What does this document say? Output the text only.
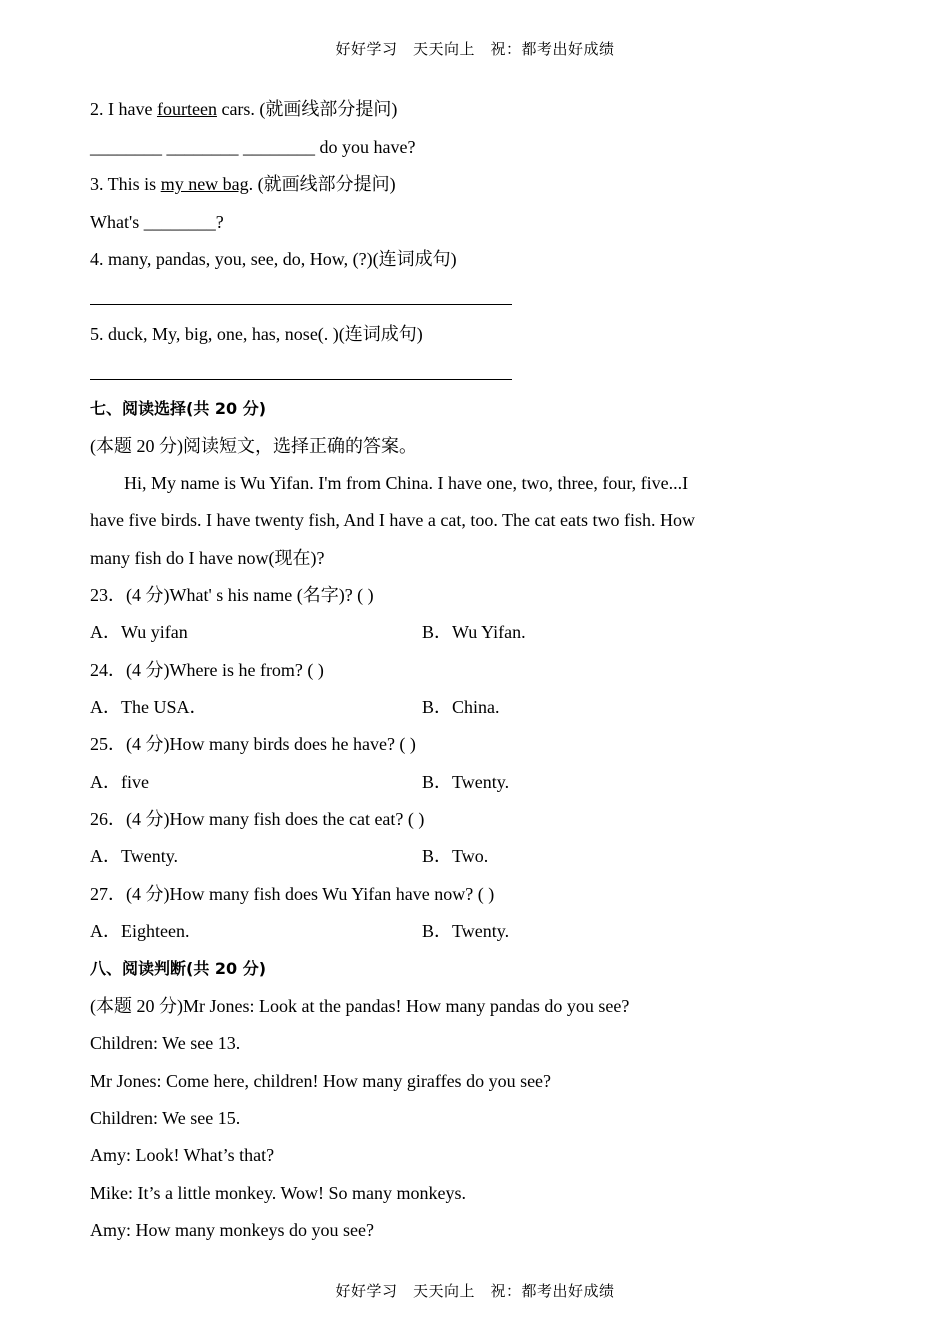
好好学习　天天向上　祝：都考出好成绩
2. I have fourteen cars. (就画线部分提问)
________ ________ ________ do you have?
3. This is my new bag. (就画线部分提问)
What's ________?
4. many, pandas, you, see, do, How, (?)(连词成句)
5. duck, My, big, one, has, nose(. )(连词成句)
七、阅读选择(共 20 分)
(本题 20 分)阅读短文，选择正确的答案。
Hi, My name is Wu Yifan. I'm from China. I have one, two, three, four, five...I
have five birds. I have twenty fish, And I have a cat, too. The cat eats two fish. How
many fish do I have now(现在)?
23．(4 分)What' s his name (名字)? ( )
A．Wu yifan	B．Wu Yifan.
24．(4 分)Where is he from? ( )
A．The USA．	B．China.
25．(4 分)How many birds does he have? ( )
A．five	B．Twenty.
26．(4 分)How many fish does the cat eat? ( )
A．Twenty.	B．Two.
27．(4 分)How many fish does Wu Yifan have now? ( )
A．Eighteen.	B．Twenty.
八、阅读判断(共 20 分)
(本题 20 分)Mr Jones: Look at the pandas! How many pandas do you see?
Children: We see 13.
Mr Jones: Come here, children! How many giraffes do you see?
Children: We see 15.
Amy: Look! What’s that?
Mike: It’s a little monkey. Wow! So many monkeys.
Amy: How many monkeys do you see?
好好学习　天天向上　祝：都考出好成绩
